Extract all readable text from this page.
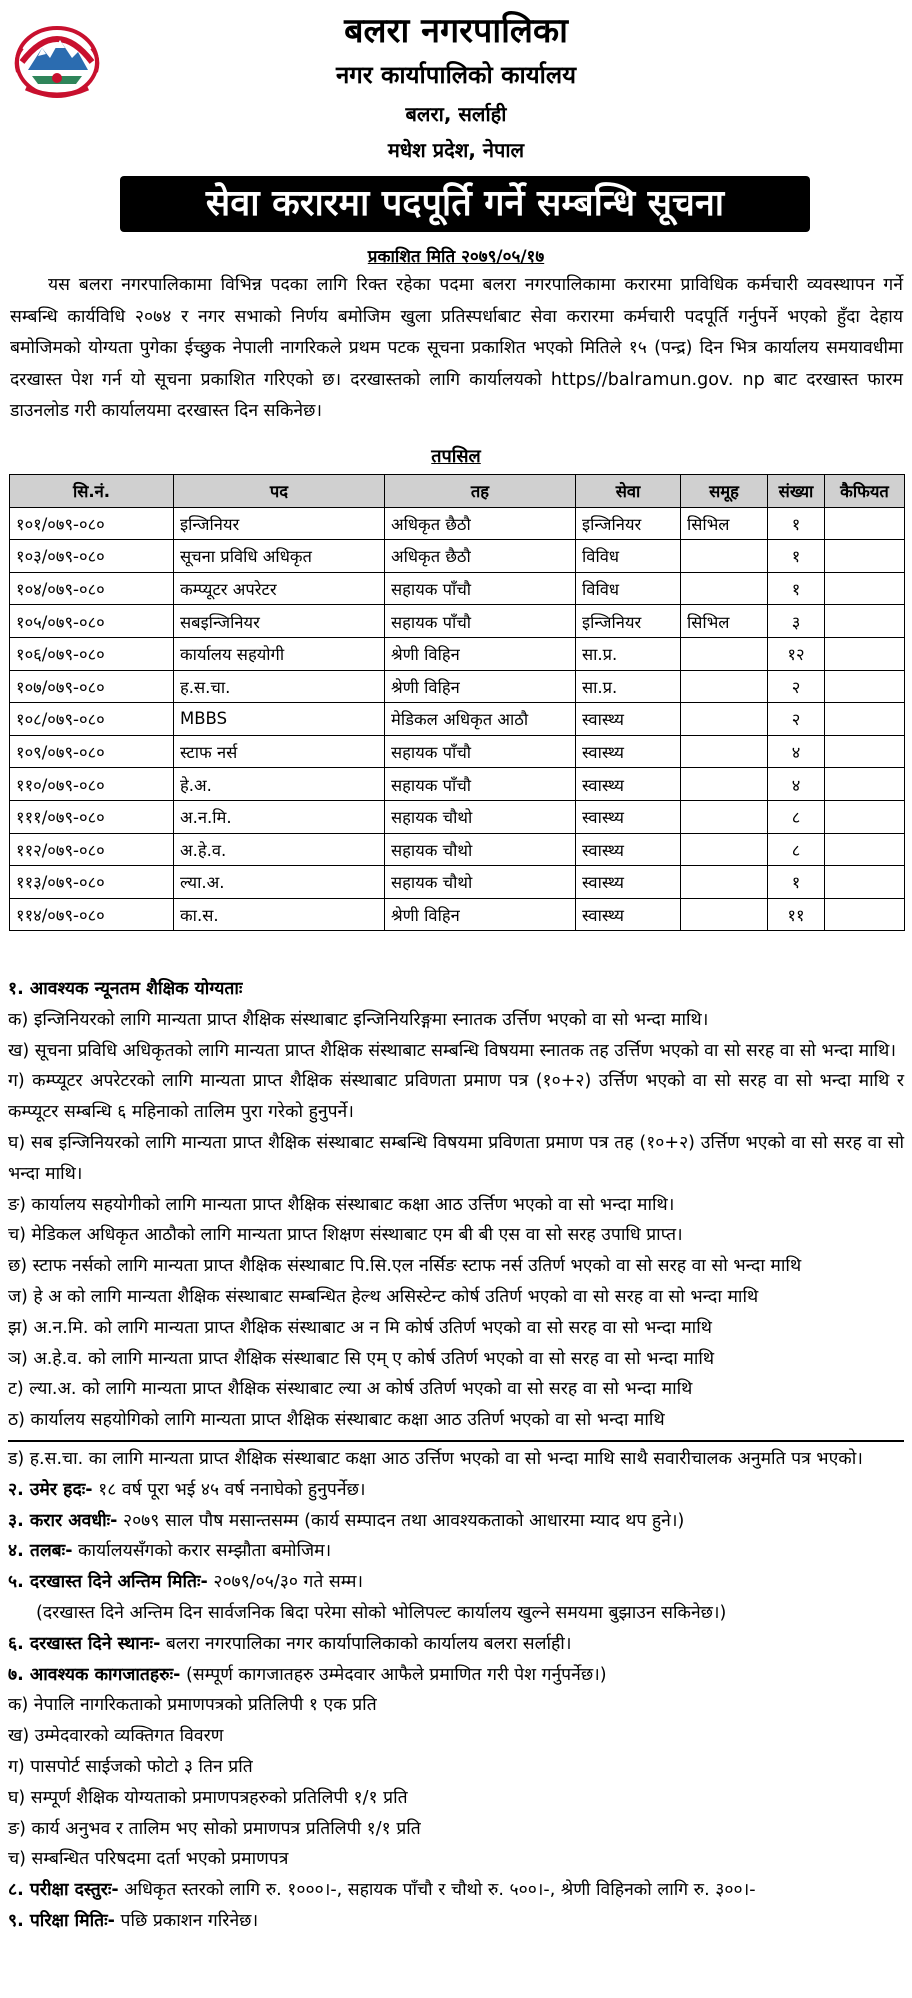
बलरा नगरपालिका
नगर कार्यापालिको कार्यालय
बलरा, सर्लाही
मधेश प्रदेश, नेपाल
सेवा करारमा पदपूर्ति गर्ने सम्बन्धि सूचना
प्रकाशित मिति २०७९/०५/१७

यस बलरा नगरपालिकामा विभिन्न पदका लागि रिक्त रहेका पदमा बलरा नगरपालिकामा करारमा प्राविधिक कर्मचारी व्यवस्थापन गर्ने सम्बन्धि कार्यविधि २०७४ र नगर सभाको निर्णय बमोजिम खुला प्रतिस्पर्धाबाट सेवा करारमा कर्मचारी पदपूर्ति गर्नुपर्ने भएको हुँदा देहाय बमोजिमको योग्यता पुगेका ईच्छुक नेपाली नागरिकले प्रथम पटक सूचना प्रकाशित भएको मितिले १५ (पन्द्र) दिन भित्र कार्यालय समयावधीमा दरखास्त पेश गर्न यो सूचना प्रकाशित गरिएको छ। दरखास्तको लागि कार्यालयको https//balramun.gov. np बाट दरखास्त फारम डाउनलोड गरी कार्यालयमा दरखास्त दिन सकिनेछ।

तपसिल
सि.नं.	पद	तह	सेवा	समूह	संख्या	कैफियत
१०१/०७९-०८०	इन्जिनियर	अधिकृत छैठौ	इन्जिनियर	सिभिल	१	
१०३/०७९-०८०	सूचना प्रविधि अधिकृत	अधिकृत छैठौ	विविध		१	
१०४/०७९-०८०	कम्प्यूटर अपरेटर	सहायक पाँचौ	विविध		१	
१०५/०७९-०८०	सबइन्जिनियर	सहायक पाँचौ	इन्जिनियर	सिभिल	३	
१०६/०७९-०८०	कार्यालय सहयोगी	श्रेणी विहिन	सा.प्र.		१२	
१०७/०७९-०८०	ह.स.चा.	श्रेणी विहिन	सा.प्र.		२	
१०८/०७९-०८०	MBBS	मेडिकल अधिकृत आठौ	स्वास्थ्य		२	
१०९/०७९-०८०	स्टाफ नर्स	सहायक पाँचौ	स्वास्थ्य		४	
११०/०७९-०८०	हे.अ.	सहायक पाँचौ	स्वास्थ्य		४	
१११/०७९-०८०	अ.न.मि.	सहायक चौथो	स्वास्थ्य		८	
११२/०७९-०८०	अ.हे.व.	सहायक चौथो	स्वास्थ्य		८	
११३/०७९-०८०	ल्या.अ.	सहायक चौथो	स्वास्थ्य		१	
११४/०७९-०८०	का.स.	श्रेणी विहिन	स्वास्थ्य		११	

१. आवश्यक न्यूनतम शैक्षिक योग्यताः

क) इन्जिनियरको लागि मान्यता प्राप्त शैक्षिक संस्थाबाट इन्जिनियरिङ्गमा स्नातक उर्त्तिण भएको वा सो भन्दा माथि।

ख) सूचना प्रविधि अधिकृतको लागि मान्यता प्राप्त शैक्षिक संस्थाबाट सम्बन्धि विषयमा स्नातक तह उर्त्तिण भएको वा सो सरह वा सो भन्दा माथि।

ग) कम्प्यूटर अपरेटरको लागि मान्यता प्राप्त शैक्षिक संस्थाबाट प्रविणता प्रमाण पत्र (१०+२) उर्त्तिण भएको वा सो सरह वा सो भन्दा माथि र कम्प्यूटर सम्बन्धि ६ महिनाको तालिम पुरा गरेको हुनुपर्ने।

घ) सब इन्जिनियरको लागि मान्यता प्राप्त शैक्षिक संस्थाबाट सम्बन्धि विषयमा प्रविणता प्रमाण पत्र तह (१०+२) उर्त्तिण भएको वा सो सरह वा सो भन्दा माथि।

ङ) कार्यालय सहयोगीको लागि मान्यता प्राप्त शैक्षिक संस्थाबाट कक्षा आठ उर्त्तिण भएको वा सो भन्दा माथि।

च) मेडिकल अधिकृत आठौको लागि मान्यता प्राप्त शिक्षण संस्थाबाट एम बी बी एस वा सो सरह उपाधि प्राप्त।

छ) स्टाफ नर्सको लागि मान्यता प्राप्त शैक्षिक संस्थाबाट पि.सि.एल नर्सिङ स्टाफ नर्स उतिर्ण भएको वा सो सरह वा सो भन्दा माथि

ज) हे अ को लागि मान्यता शैक्षिक संस्थाबाट सम्बन्धित हेल्थ असिस्टेन्ट कोर्ष उतिर्ण भएको वा सो सरह वा सो भन्दा माथि

झ) अ.न.मि. को लागि मान्यता प्राप्त शैक्षिक संस्थाबाट अ न मि कोर्ष उतिर्ण भएको वा सो सरह वा सो भन्दा माथि

ञ) अ.हे.व. को लागि मान्यता प्राप्त शैक्षिक संस्थाबाट सि एम् ए कोर्ष उतिर्ण भएको वा सो सरह वा सो भन्दा माथि

ट) ल्या.अ. को लागि मान्यता प्राप्त शैक्षिक संस्थाबाट ल्या अ कोर्ष उतिर्ण भएको वा सो सरह वा सो भन्दा माथि

ठ) कार्यालय सहयोगिको लागि मान्यता प्राप्त शैक्षिक संस्थाबाट कक्षा आठ उतिर्ण भएको वा सो भन्दा माथि

ड) ह.स.चा. का लागि मान्यता प्राप्त शैक्षिक संस्थाबाट कक्षा आठ उर्त्तिण भएको वा सो भन्दा माथि साथै सवारीचालक अनुमति पत्र भएको।

२. उमेर हदः- १८ वर्ष पूरा भई ४५ वर्ष ननाघेको हुनुपर्नेछ।

३. करार अवधीः- २०७९ साल पौष मसान्तसम्म (कार्य सम्पादन तथा आवश्यकताको आधारमा म्याद थप हुने।)

४. तलबः- कार्यालयसँगको करार सम्झौता बमोजिम।

५. दरखास्त दिने अन्तिम मितिः- २०७९/०५/३० गते सम्म।

(दरखास्त दिने अन्तिम दिन सार्वजनिक बिदा परेमा सोको भोलिपल्ट कार्यालय खुल्ने समयमा बुझाउन सकिनेछ।)

६. दरखास्त दिने स्थानः- बलरा नगरपालिका नगर कार्यापालिकाको कार्यालय बलरा सर्लाही।

७. आवश्यक कागजातहरुः- (सम्पूर्ण कागजातहरु उम्मेदवार आफैले प्रमाणित गरी पेश गर्नुपर्नेछ।)

क) नेपालि नागरिकताको प्रमाणपत्रको प्रतिलिपी १ एक प्रति

ख) उम्मेदवारको व्यक्तिगत विवरण

ग) पासपोर्ट साईजको फोटो ३ तिन प्रति

घ) सम्पूर्ण शैक्षिक योग्यताको प्रमाणपत्रहरुको प्रतिलिपी १/१ प्रति

ङ) कार्य अनुभव र तालिम भए सोको प्रमाणपत्र प्रतिलिपी १/१ प्रति

च) सम्बन्धित परिषदमा दर्ता भएको प्रमाणपत्र

८. परीक्षा दस्तुरः- अधिकृत स्तरको लागि रु. १०००।-, सहायक पाँचौ र चौथो रु. ५००।-, श्रेणी विहिनको लागि रु. ३००।-

९. परिक्षा मितिः- पछि प्रकाशन गरिनेछ।
